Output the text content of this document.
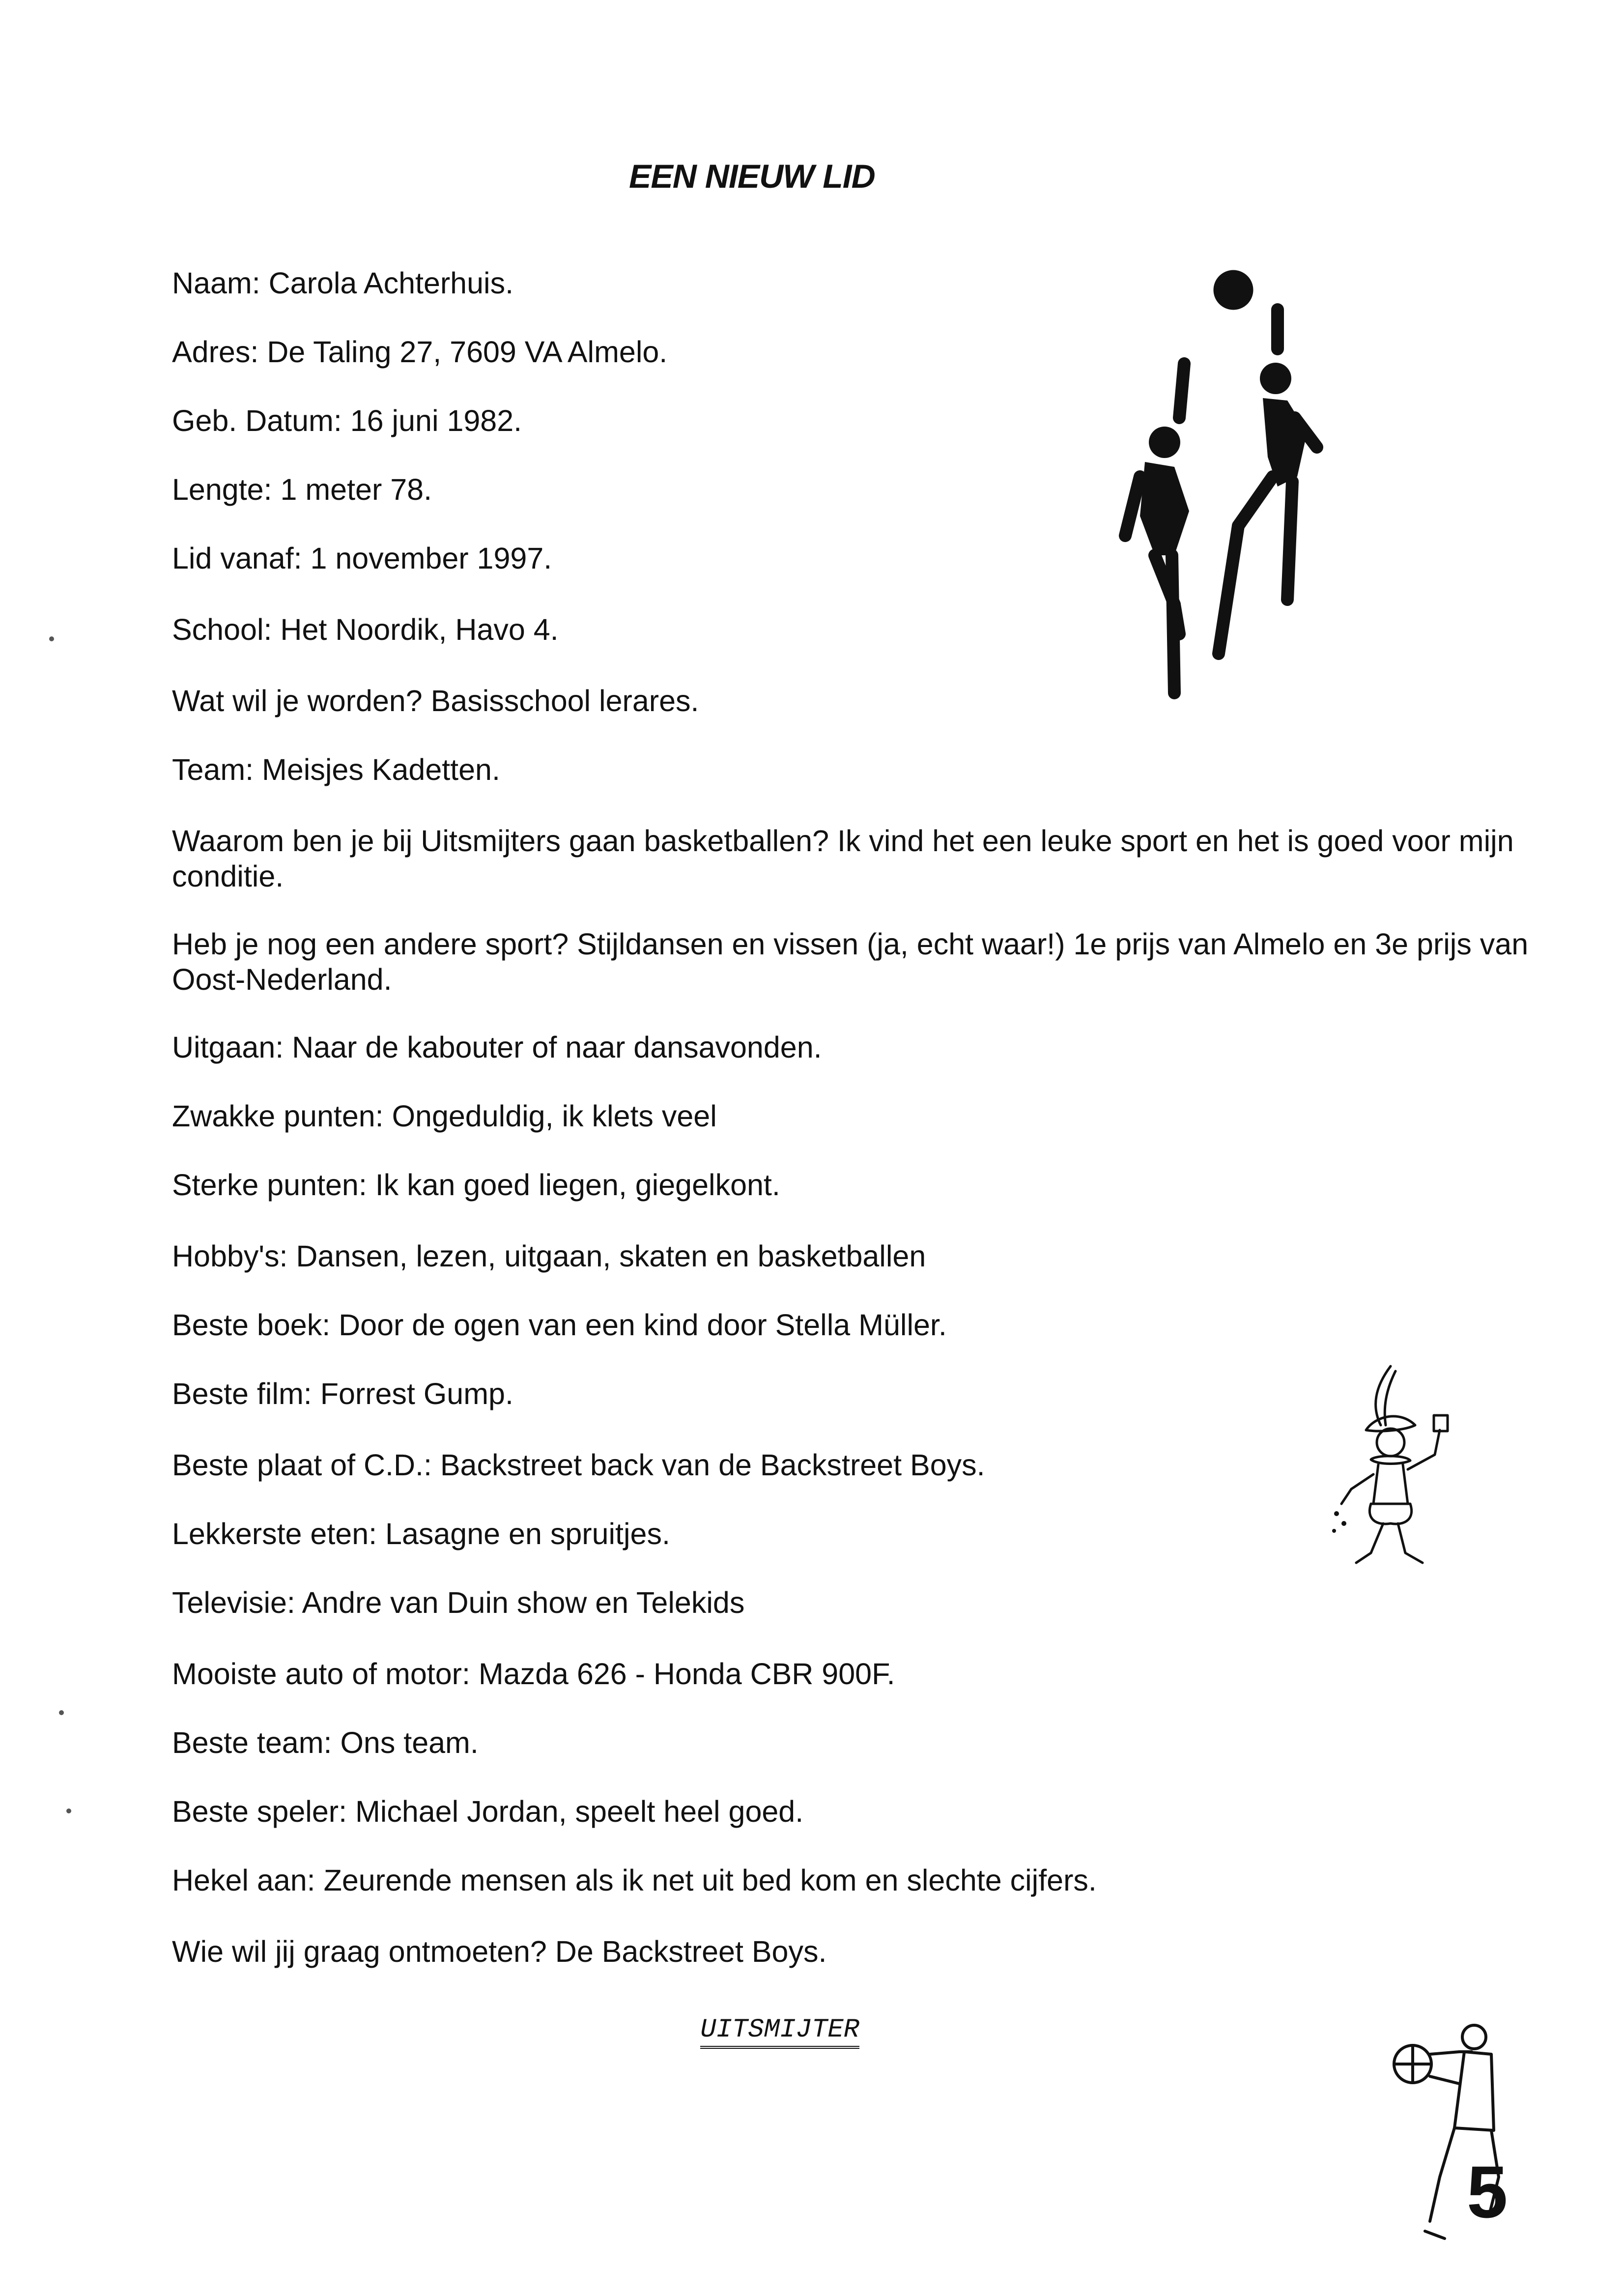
EEN NIEUW LID
Naam: Carola Achterhuis.
Adres: De Taling 27, 7609 VA Almelo.
Geb. Datum: 16 juni 1982.
Lengte: 1 meter 78.
Lid vanaf: 1 november 1997.
School: Het Noordik, Havo 4.
Wat wil je worden? Basisschool lerares.
Team: Meisjes Kadetten.
Waarom ben je bij Uitsmijters gaan basketballen? Ik vind het een leuke sport en het is goed voor mijn conditie.
Heb je nog een andere sport? Stijldansen en vissen (ja, echt waar!) 1e prijs van Almelo en 3e prijs van Oost-Nederland.
Uitgaan: Naar de kabouter of naar dansavonden.
Zwakke punten: Ongeduldig, ik klets veel
Sterke punten: Ik kan goed liegen, giegelkont.
Hobby's: Dansen, lezen, uitgaan, skaten en basketballen
Beste boek: Door de ogen van een kind door Stella Müller.
Beste film: Forrest Gump.
Beste plaat of C.D.: Backstreet back van de Backstreet Boys.
Lekkerste eten: Lasagne en spruitjes.
Televisie: Andre van Duin show en Telekids
Mooiste auto of motor: Mazda 626 - Honda CBR 900F.
Beste team: Ons team.
Beste speler: Michael Jordan, speelt heel goed.
Hekel aan: Zeurende mensen als ik net uit bed kom en slechte cijfers.
Wie wil jij graag ontmoeten? De Backstreet Boys.
UITSMIJTER
5
